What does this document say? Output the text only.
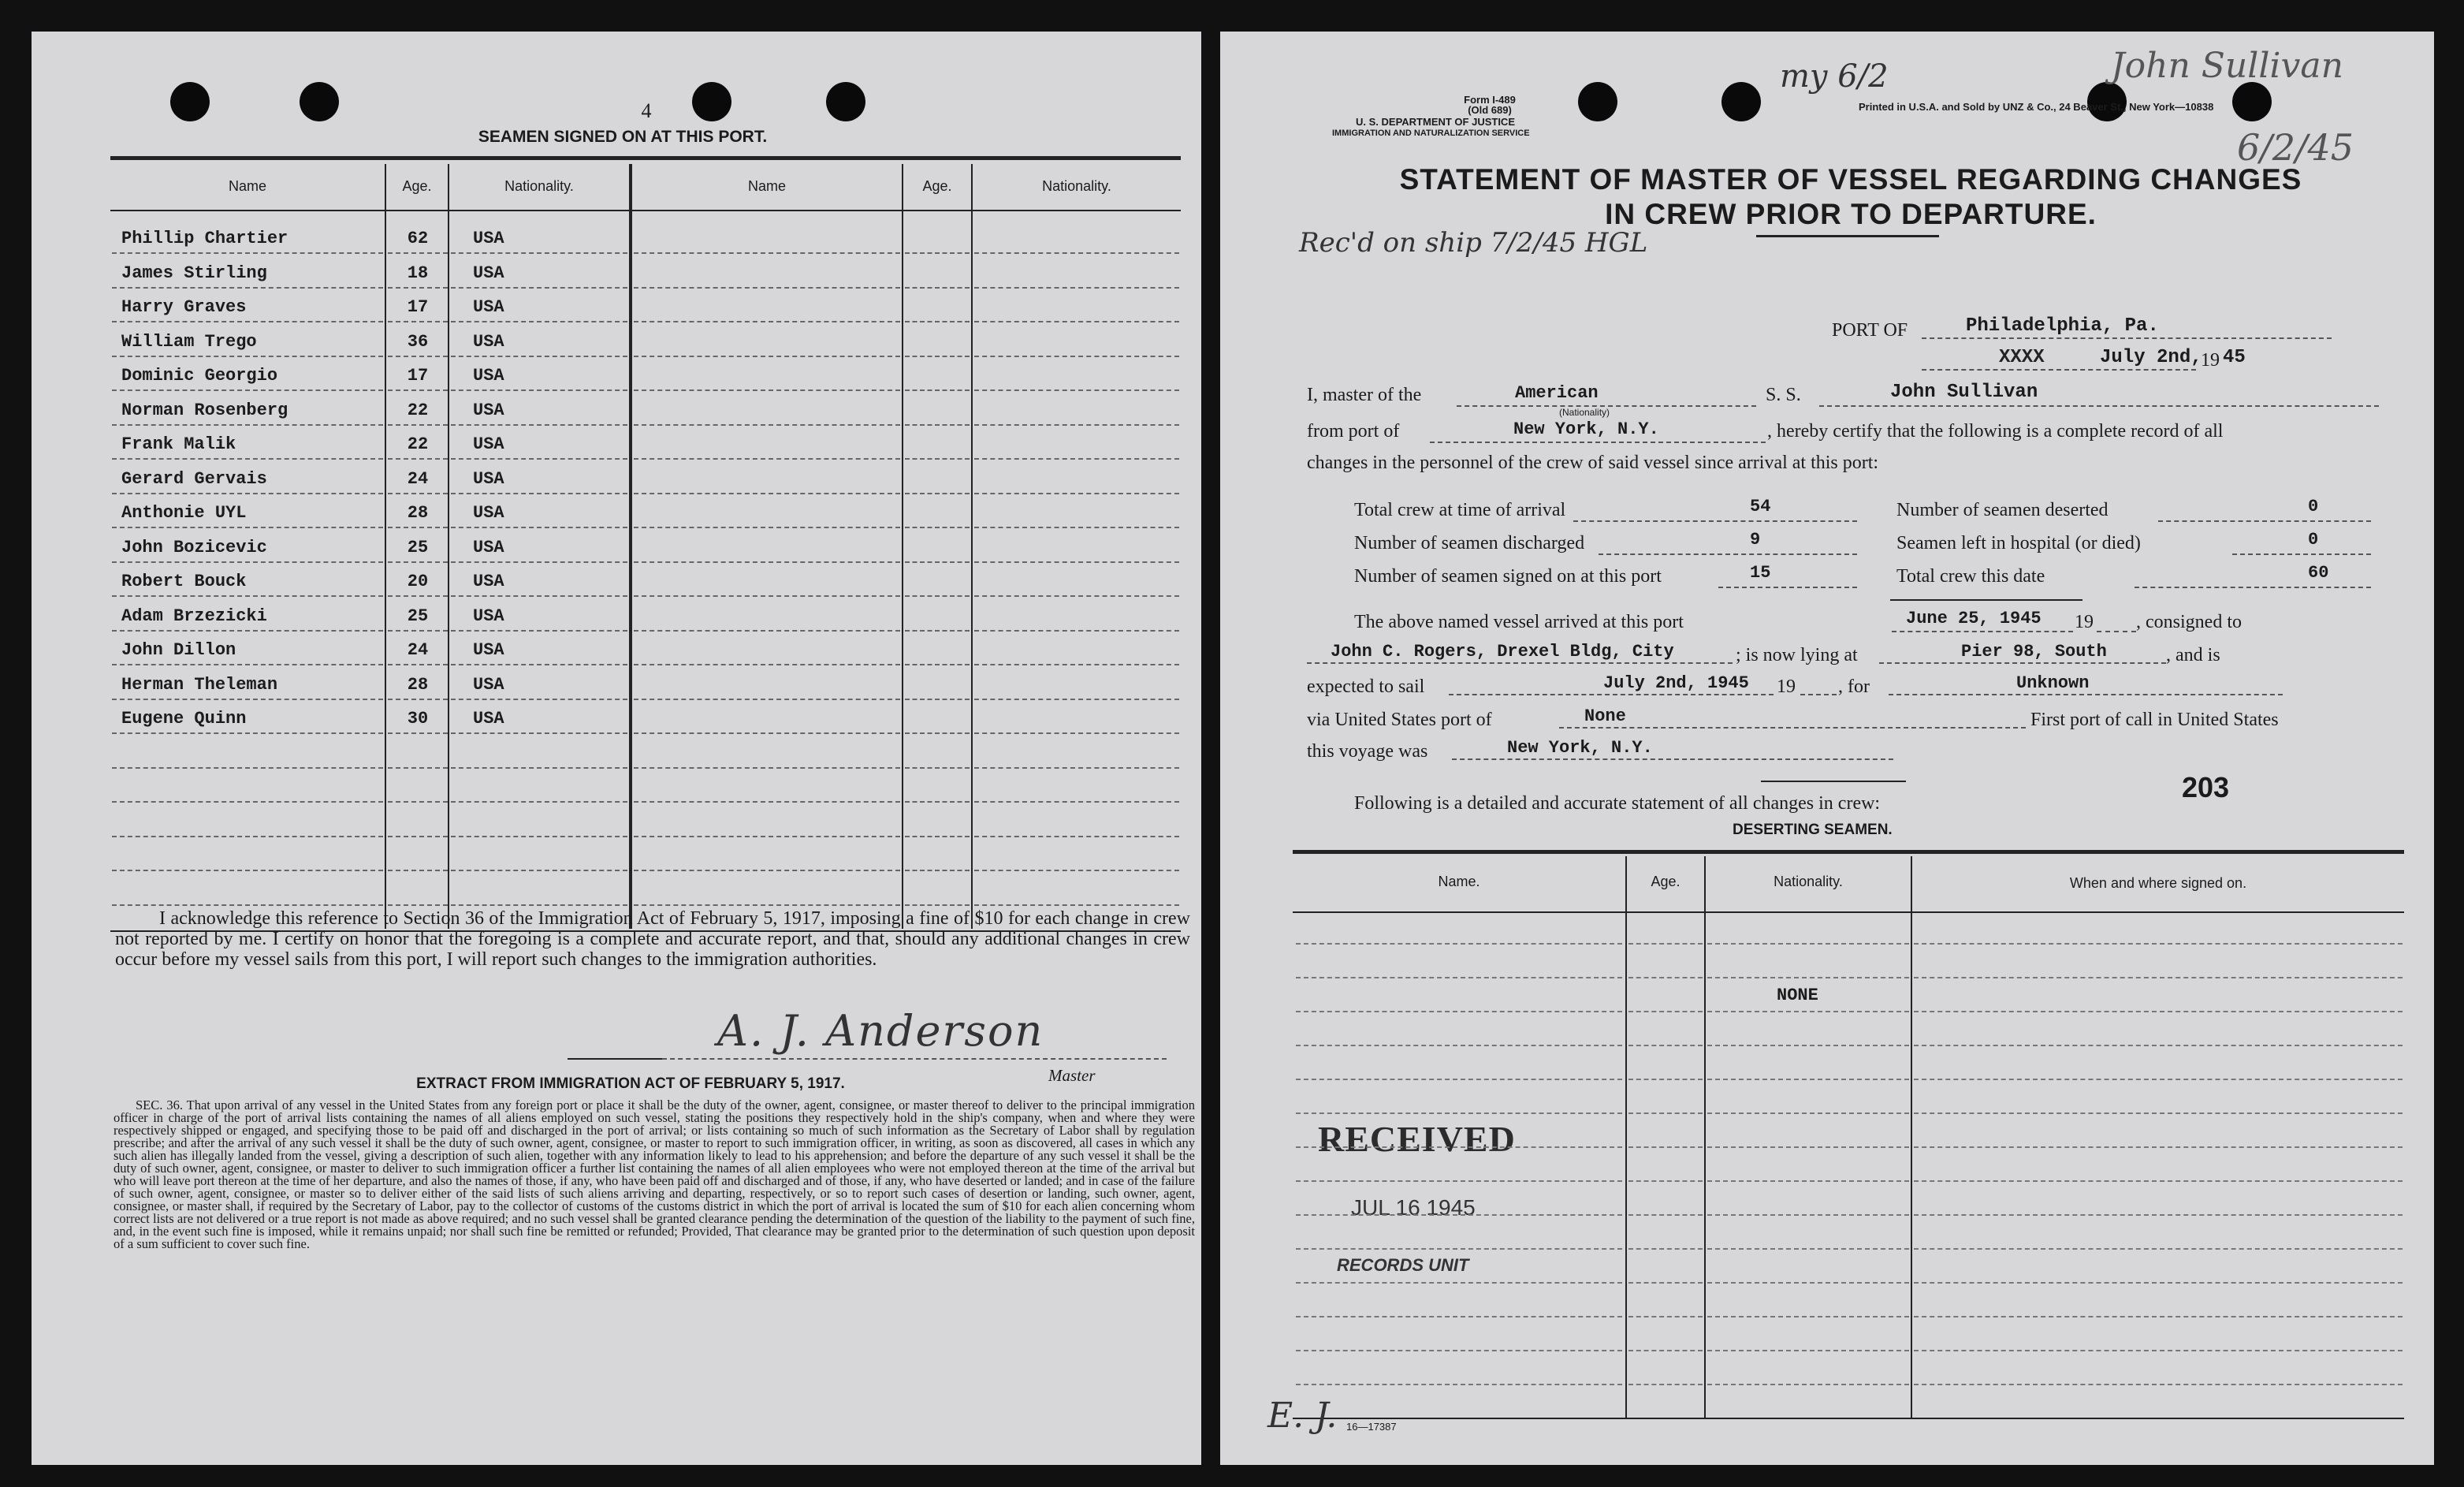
4
SEAMEN SIGNED ON AT THIS PORT.
Name	Age.	Nationality.	Name	Age.	Nationality.
Phillip Chartier	62	USA
James Stirling	18	USA
Harry Graves	17	USA
William Trego	36	USA
Dominic Georgio	17	USA
Norman Rosenberg	22	USA
Frank Malik	22	USA
Gerard Gervais	24	USA
Anthonie UYL	28	USA
John Bozicevic	25	USA
Robert Bouck	20	USA
Adam Brzezicki	25	USA
John Dillon	24	USA
Herman Theleman	28	USA
Eugene Quinn	30	USA
I acknowledge this reference to Section 36 of the Immigration Act of February 5, 1917, imposing a fine of $10 for each change in crew not reported by me. I certify on honor that the foregoing is a complete and accurate report, and that, should any additional changes in crew occur before my vessel sails from this port, I will report such changes to the immigration authorities.
A. J. Anderson
Master
EXTRACT FROM IMMIGRATION ACT OF FEBRUARY 5, 1917.
SEC. 36. That upon arrival of any vessel in the United States from any foreign port or place it shall be the duty of the owner, agent, consignee, or master thereof to deliver to the principal immigration officer in charge of the port of arrival lists containing the names of all aliens employed on such vessel, stating the positions they respectively hold in the ship's company, when and where they were respectively shipped or engaged, and specifying those to be paid off and discharged in the port of arrival; or lists containing so much of such information as the Secretary of Labor shall by regulation prescribe; and after the arrival of any such vessel it shall be the duty of such owner, agent, consignee, or master to report to such immigration officer, in writing, as soon as discovered, all cases in which any such alien has illegally landed from the vessel, giving a description of such alien, together with any information likely to lead to his apprehension; and before the departure of any such vessel it shall be the duty of such owner, agent, consignee, or master to deliver to such immigration officer a further list containing the names of all alien employees who were not employed thereon at the time of the arrival but who will leave port thereon at the time of her departure, and also the names of those, if any, who have been paid off and discharged and of those, if any, who have deserted or landed; and in case of the failure of such owner, agent, consignee, or master so to deliver either of the said lists of such aliens arriving and departing, respectively, or so to report such cases of desertion or landing, such owner, agent, consignee, or master shall, if required by the Secretary of Labor, pay to the collector of customs of the customs district in which the port of arrival is located the sum of $10 for each alien concerning whom correct lists are not delivered or a true report is not made as above required; and no such vessel shall be granted clearance pending the determination of the question of the liability to the payment of such fine, and, in the event such fine is imposed, while it remains unpaid; nor shall such fine be remitted or refunded; Provided, That clearance may be granted prior to the determination of such question upon deposit of a sum sufficient to cover such fine.
Form I-489
(Old 689)
U. S. DEPARTMENT OF JUSTICE
IMMIGRATION AND NATURALIZATION SERVICE
Printed in U.S.A. and Sold by UNZ & Co., 24 Beaver St., New York—10838
my 6/2	John Sullivan
6/2/45
STATEMENT OF MASTER OF VESSEL REGARDING CHANGES
IN CREW PRIOR TO DEPARTURE.
Rec'd on ship 7/2/45 HGL
PORT OF	Philadelphia, Pa.
XXXX	July 2nd,
19 45
I, master of the	American
(Nationality)
S. S.	John Sullivan
from port of	New York, N.Y.	, hereby certify that the following is a complete record of all
changes in the personnel of the crew of said vessel since arrival at this port:
Total crew at time of arrival	54
Number of seamen discharged	9
Number of seamen signed on at this port	15
Number of seamen deserted	0
Seamen left in hospital (or died)	0
Total crew this date	60
The above named vessel arrived at this port	June 25, 1945 19 , consigned to
John C. Rogers, Drexel Bldg, City	; is now lying at	Pier 98, South	, and is
expected to sail	July 2nd, 1945 19 , for	Unknown
via United States port of	None	First port of call in United States
this voyage was	New York, N.Y.
203
Following is a detailed and accurate statement of all changes in crew:
DESERTING SEAMEN.
Name.	Age.	Nationality.	When and where signed on.
NONE
RECEIVED
JUL 16 1945
RECORDS UNIT
16—17387
E. J.
